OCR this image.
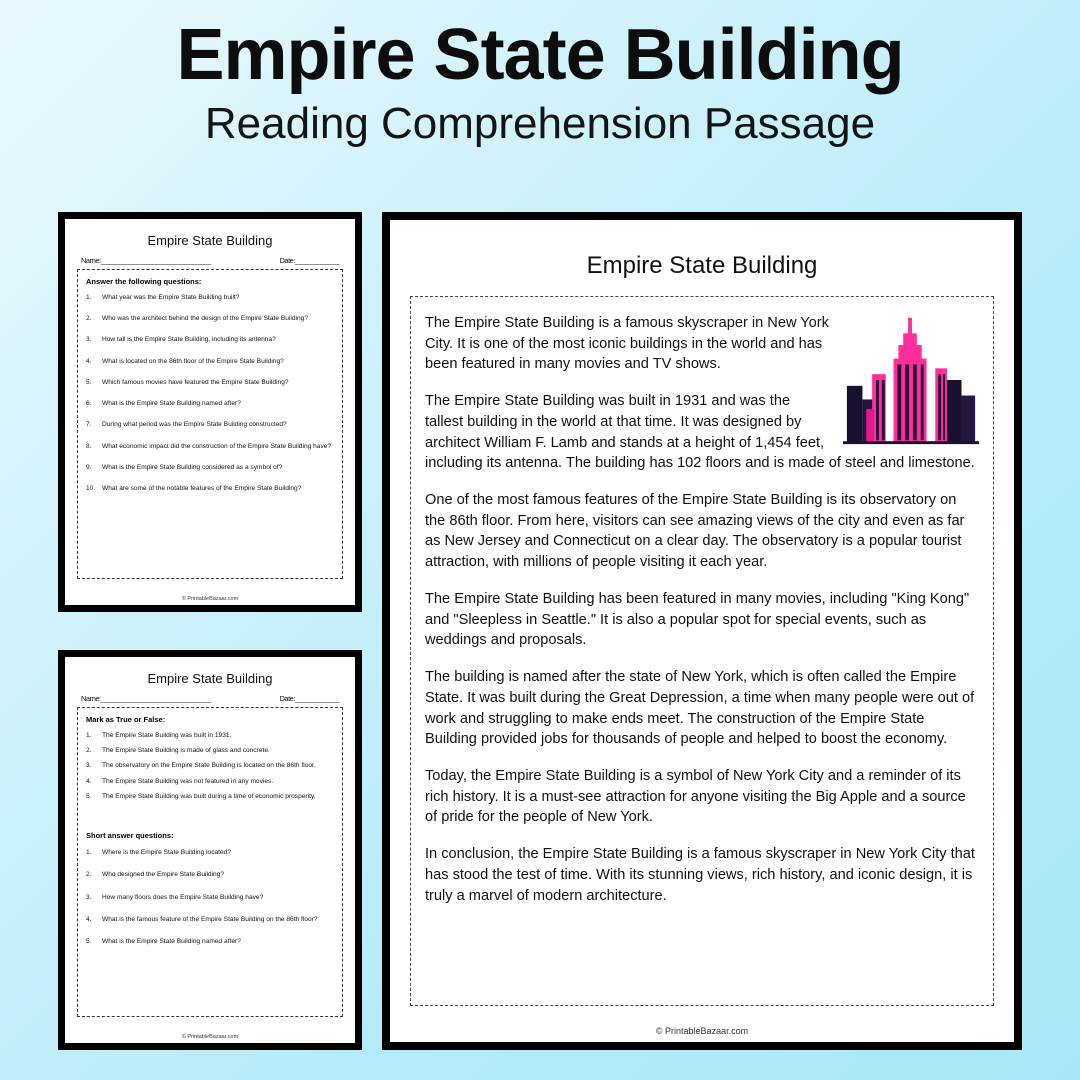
Empire State Building
Reading Comprehension Passage
Empire State Building
Name:______________________________	Date:____________
Answer the following questions:
1.	What year was the Empire State Building built?
2.	Who was the architect behind the design of the Empire State Building?
3.	How tall is the Empire State Building, including its antenna?
4.	What is located on the 86th floor of the Empire State Building?
5.	Which famous movies have featured the Empire State Building?
6.	What is the Empire State Building named after?
7.	During what period was the Empire State Building constructed?
8.	What economic impact did the construction of the Empire State Building have?
9.	What is the Empire State Building considered as a symbol of?
10.	What are some of the notable features of the Empire State Building?
© PrintableBazaar.com
Empire State Building
Name:______________________________	Date:____________
Mark as True or False:
1.	The Empire State Building was built in 1931.
2.	The Empire State Building is made of glass and concrete.
3.	The observatory on the Empire State Building is located on the 86th floor.
4.	The Empire State Building was not featured in any movies.
5.	The Empire State Building was built during a time of economic prosperity.
Short answer questions:
1.	Where is the Empire State Building located?
2.	Who designed the Empire State Building?
3.	How many floors does the Empire State Building have?
4.	What is the famous feature of the Empire State Building on the 86th floor?
5.	What is the Empire State Building named after?
© PrintableBazaar.com
Empire State Building

The Empire State Building is a famous skyscraper in New York City. It is one of the most iconic buildings in the world and has been featured in many movies and TV shows.

The Empire State Building was built in 1931 and was the tallest building in the world at that time. It was designed by architect William F. Lamb and stands at a height of 1,454 feet, including its antenna. The building has 102 floors and is made of steel and limestone.

One of the most famous features of the Empire State Building is its observatory on the 86th floor. From here, visitors can see amazing views of the city and even as far as New Jersey and Connecticut on a clear day. The observatory is a popular tourist attraction, with millions of people visiting it each year.

The Empire State Building has been featured in many movies, including "King Kong" and "Sleepless in Seattle." It is also a popular spot for special events, such as weddings and proposals.

The building is named after the state of New York, which is often called the Empire State. It was built during the Great Depression, a time when many people were out of work and struggling to make ends meet. The construction of the Empire State Building provided jobs for thousands of people and helped to boost the economy.

Today, the Empire State Building is a symbol of New York City and a reminder of its rich history. It is a must-see attraction for anyone visiting the Big Apple and a source of pride for the people of New York.

In conclusion, the Empire State Building is a famous skyscraper in New York City that has stood the test of time. With its stunning views, rich history, and iconic design, it is truly a marvel of modern architecture.

© PrintableBazaar.com
